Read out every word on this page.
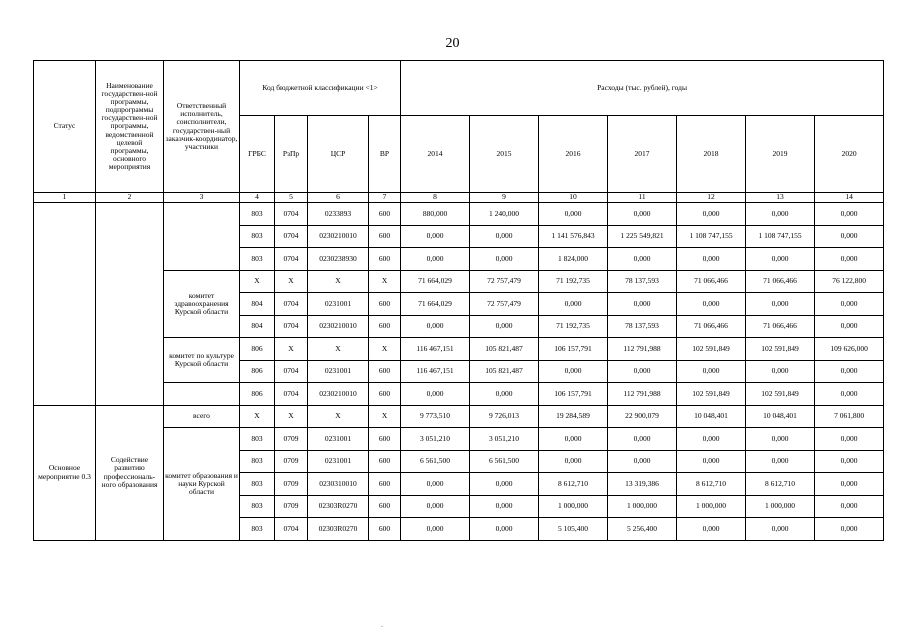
20
Статус	Наименование государствен-ной программы, подпрограммы государствен-ной программы, ведомственной целевой программы, основного мероприятия	Ответственный исполнитель, соисполнители, государствен-ный заказчик-координатор, участники	Код бюджетной классификации <1>				Расходы (тыс. рублей), годы						
			ГРБС	РзПр	ЦСР	ВР	2014	2015	2016	2017	2018	2019	2020
1	2	3	4	5	6	7	8	9	10	11	12	13	14
			803	0704	0233893	600	880,000	1 240,000	0,000	0,000	0,000	0,000	0,000
			803	0704	0230210010	600	0,000	0,000	1 141 576,843	1 225 549,821	1 108 747,155	1 108 747,155	0,000
			803	0704	0230238930	600	0,000	0,000	1 824,000	0,000	0,000	0,000	0,000
		комитет здравоохранения Курской области	Х	Х	Х	Х	71 664,029	72 757,479	71 192,735	78 137,593	71 066,466	71 066,466	76 122,800
			804	0704	0231001	600	71 664,029	72 757,479	0,000	0,000	0,000	0,000	0,000
			804	0704	0230210010	600	0,000	0,000	71 192,735	78 137,593	71 066,466	71 066,466	0,000
		комитет по культуре Курской области	806	Х	Х	Х	116 467,151	105 821,487	106 157,791	112 791,988	102 591,849	102 591,849	109 626,000
			806	0704	0231001	600	116 467,151	105 821,487	0,000	0,000	0,000	0,000	0,000
			806	0704	0230210010	600	0,000	0,000	106 157,791	112 791,988	102 591,849	102 591,849	0,000
Основное мероприятие 0.3	Содействие развитию профессиональ-ного образования	всего	Х	Х	Х	Х	9 773,510	9 726,013	19 284,589	22 900,079	10 048,401	10 048,401	7 061,800
		комитет образования и науки Курской области	803	0709	0231001	600	3 051,210	3 051,210	0,000	0,000	0,000	0,000	0,000
			803	0709	0231001	600	6 561,500	6 561,500	0,000	0,000	0,000	0,000	0,000
			803	0709	0230310010	600	0,000	0,000	8 612,710	13 319,386	8 612,710	8 612,710	0,000
			803	0709	02303R0270	600	0,000	0,000	1 000,000	1 000,000	1 000,000	1 000,000	0,000
			803	0704	02303R0270	600	0,000	0,000	5 105,400	5 256,400	0,000	0,000	0,000
.
